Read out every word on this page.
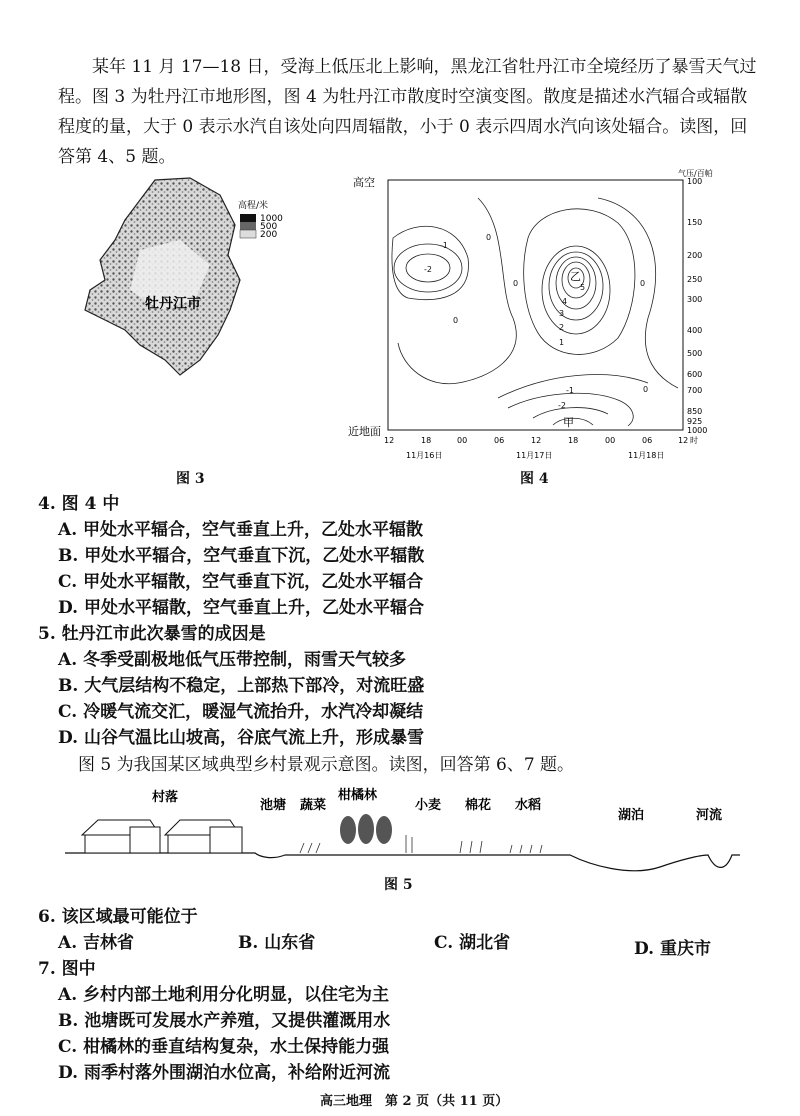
某年 11 月 17—18 日，受海上低压北上影响，黑龙江省牡丹江市全境经历了暴雪天气过程。图 3 为牡丹江市地形图，图 4 为牡丹江市散度时空演变图。散度是描述水汽辐合或辐散程度的量，大于 0 表示水汽自该处向四周辐散，小于 0 表示四周水汽向该处辐合。读图，回答第 4、5 题。

牡丹江市
高程/米
1000
500
200
图 3
高空
近地面
气压/百帕
-1
-2
0
0
0
1
2
3
4
5	0
0
-1
-2
乙
甲
100
150
200
250
300
400
500
600
700
850
925
1000
12	18	00	06	12	18	00	06	12 时
11月16日	11月17日	11月18日
图 4
4. 图 4 中
A. 甲处水平辐合，空气垂直上升，乙处水平辐散
B. 甲处水平辐合，空气垂直下沉，乙处水平辐散
C. 甲处水平辐散，空气垂直下沉，乙处水平辐合
D. 甲处水平辐散，空气垂直上升，乙处水平辐合
5. 牡丹江市此次暴雪的成因是
A. 冬季受副极地低气压带控制，雨雪天气较多
B. 大气层结构不稳定，上部热下部冷，对流旺盛
C. 冷暖气流交汇，暖湿气流抬升，水汽冷却凝结
D. 山谷气温比山坡高，谷底气流上升，形成暴雪
图 5 为我国某区域典型乡村景观示意图。读图，回答第 6、7 题。
村落
池塘 蔬菜
柑橘林
小麦 棉花 水稻
湖泊	河流
图 5
6. 该区域最可能位于
A. 吉林省	B. 山东省	C. 湖北省	D. 重庆市
7. 图中
A. 乡村内部土地利用分化明显，以住宅为主
B. 池塘既可发展水产养殖，又提供灌溉用水
C. 柑橘林的垂直结构复杂，水土保持能力强
D. 雨季村落外围湖泊水位高，补给附近河流
高三地理　第 2 页（共 11 页）
